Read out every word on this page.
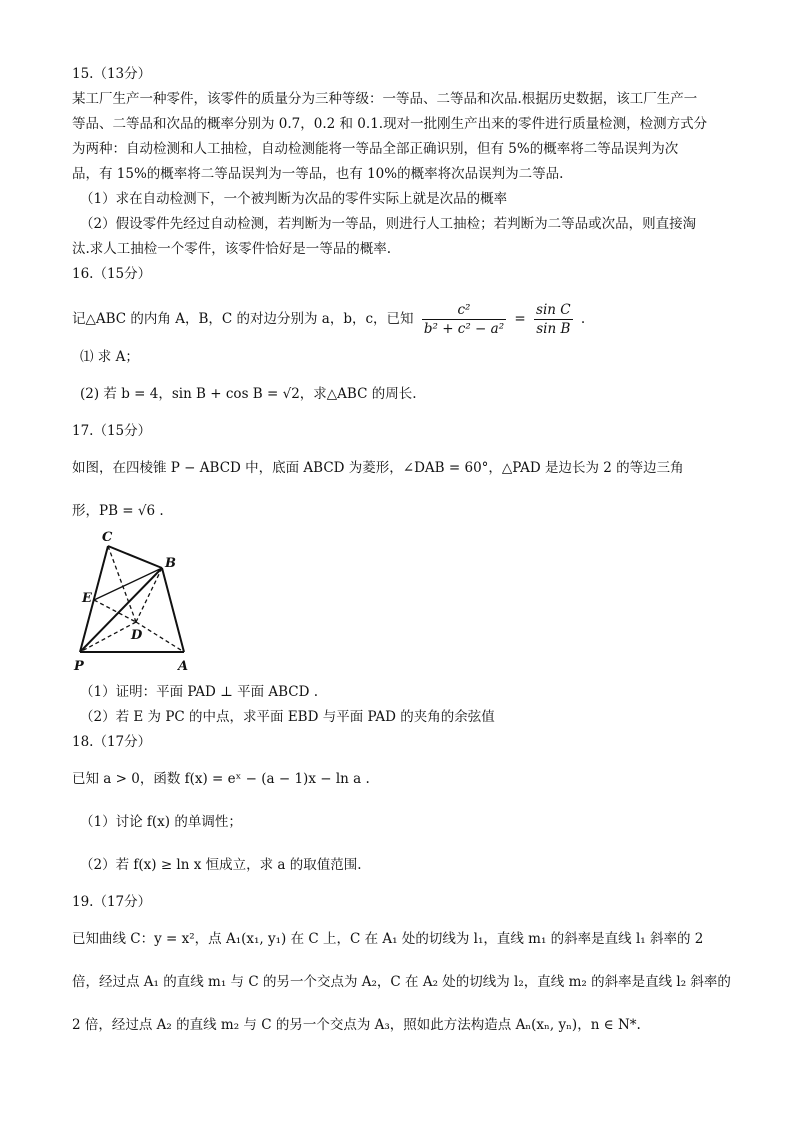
15.（13分）
某工厂生产一种零件，该零件的质量分为三种等级：一等品、二等品和次品.根据历史数据，该工厂生产一
等品、二等品和次品的概率分别为 0.7，0.2 和 0.1.现对一批刚生产出来的零件进行质量检测，检测方式分
为两种：自动检测和人工抽检，自动检测能将一等品全部正确识别，但有 5%的概率将二等品误判为次
品，有 15%的概率将二等品误判为一等品，也有 10%的概率将次品误判为二等品.
（1）求在自动检测下，一个被判断为次品的零件实际上就是次品的概率
（2）假设零件先经过自动检测，若判断为一等品，则进行人工抽检；若判断为二等品或次品，则直接淘
汰.求人工抽检一个零件，该零件恰好是一等品的概率.
16.（15分）
记△ABC 的内角 A，B，C 的对边分别为 a，b，c，已知 $\frac{\text{c²}}{\text{b² + c² − a²}} = \frac{\text{sin C}}{\text{sin B}}$ .
⑴ 求 A；
(2) 若 b = 4，sin B + cos B = √2，求△ABC 的周长.
17.（15分）
如图，在四棱锥 P − ABCD 中，底面 ABCD 为菱形，∠DAB = 60°，△PAD 是边长为 2 的等边三角
形，PB = √6 .
C
B
E
D
P	A
（1）证明：平面 PAD ⊥ 平面 ABCD .
（2）若 E 为 PC 的中点，求平面 EBD 与平面 PAD 的夹角的余弦值
18.（17分）
已知 a > 0，函数 f(x) = eˣ − (a − 1)x − ln a .
（1）讨论 f(x) 的单调性；
（2）若 f(x) ≥ ln x 恒成立，求 a 的取值范围.
19.（17分）
已知曲线 C：y = x²，点 A₁(x₁, y₁) 在 C 上，C 在 A₁ 处的切线为 l₁，直线 m₁ 的斜率是直线 l₁ 斜率的 2
倍，经过点 A₁ 的直线 m₁ 与 C 的另一个交点为 A₂，C 在 A₂ 处的切线为 l₂，直线 m₂ 的斜率是直线 l₂ 斜率的
2 倍，经过点 A₂ 的直线 m₂ 与 C 的另一个交点为 A₃，照如此方法构造点 Aₙ(xₙ, yₙ)，n ∈ N*.
